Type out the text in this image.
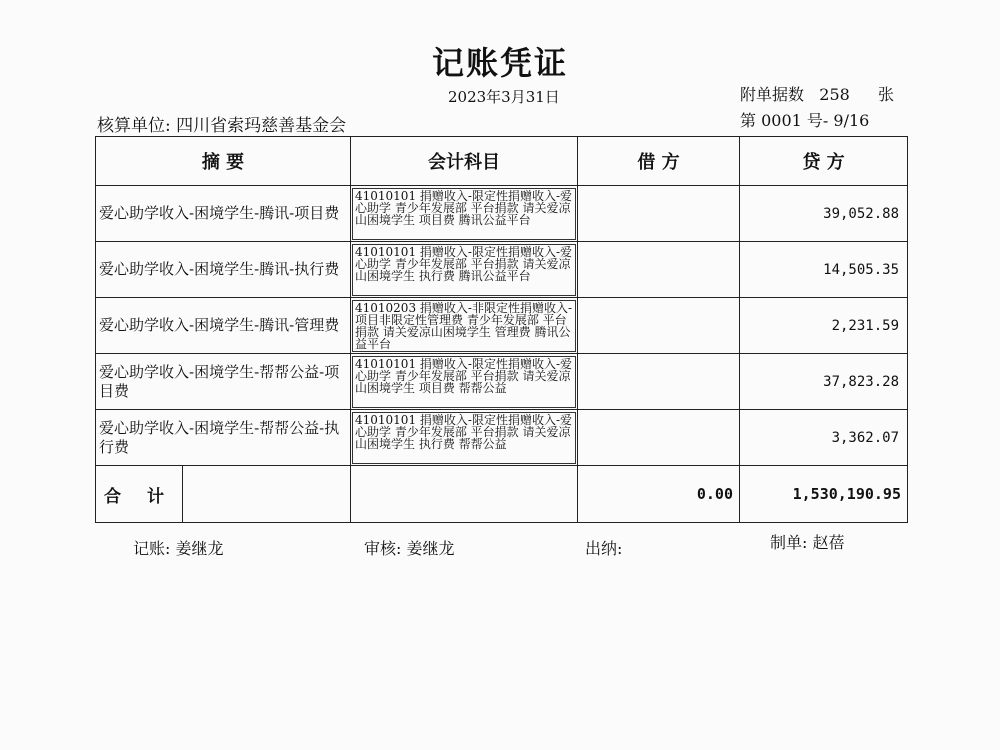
记账凭证
2023年3月31日	附单据数 258 张
第 0001 号- 9/16
核算单位: 四川省索玛慈善基金会
摘 要	会计科目	借 方	贷 方
爱心助学收入-困境学生-腾讯-项目费	41010101 捐赠收入-限定性捐赠收入-爱心助学 青少年发展部 平台捐款 请关爱凉山困境学生 项目费 腾讯公益平台		39,052.88
爱心助学收入-困境学生-腾讯-执行费	41010101 捐赠收入-限定性捐赠收入-爱心助学 青少年发展部 平台捐款 请关爱凉山困境学生 执行费 腾讯公益平台		14,505.35
爱心助学收入-困境学生-腾讯-管理费	41010203 捐赠收入-非限定性捐赠收入-项目非限定性管理费 青少年发展部 平台捐款 请关爱凉山困境学生 管理费 腾讯公益平台		2,231.59
爱心助学收入-困境学生-帮帮公益-项目费	41010101 捐赠收入-限定性捐赠收入-爱心助学 青少年发展部 平台捐款 请关爱凉山困境学生 项目费 帮帮公益		37,823.28
爱心助学收入-困境学生-帮帮公益-执行费	41010101 捐赠收入-限定性捐赠收入-爱心助学 青少年发展部 平台捐款 请关爱凉山困境学生 执行费 帮帮公益		3,362.07

合 计		0.00	1,530,190.95
记账: 姜继龙	审核: 姜继龙	出纳:	制单: 赵蓓
